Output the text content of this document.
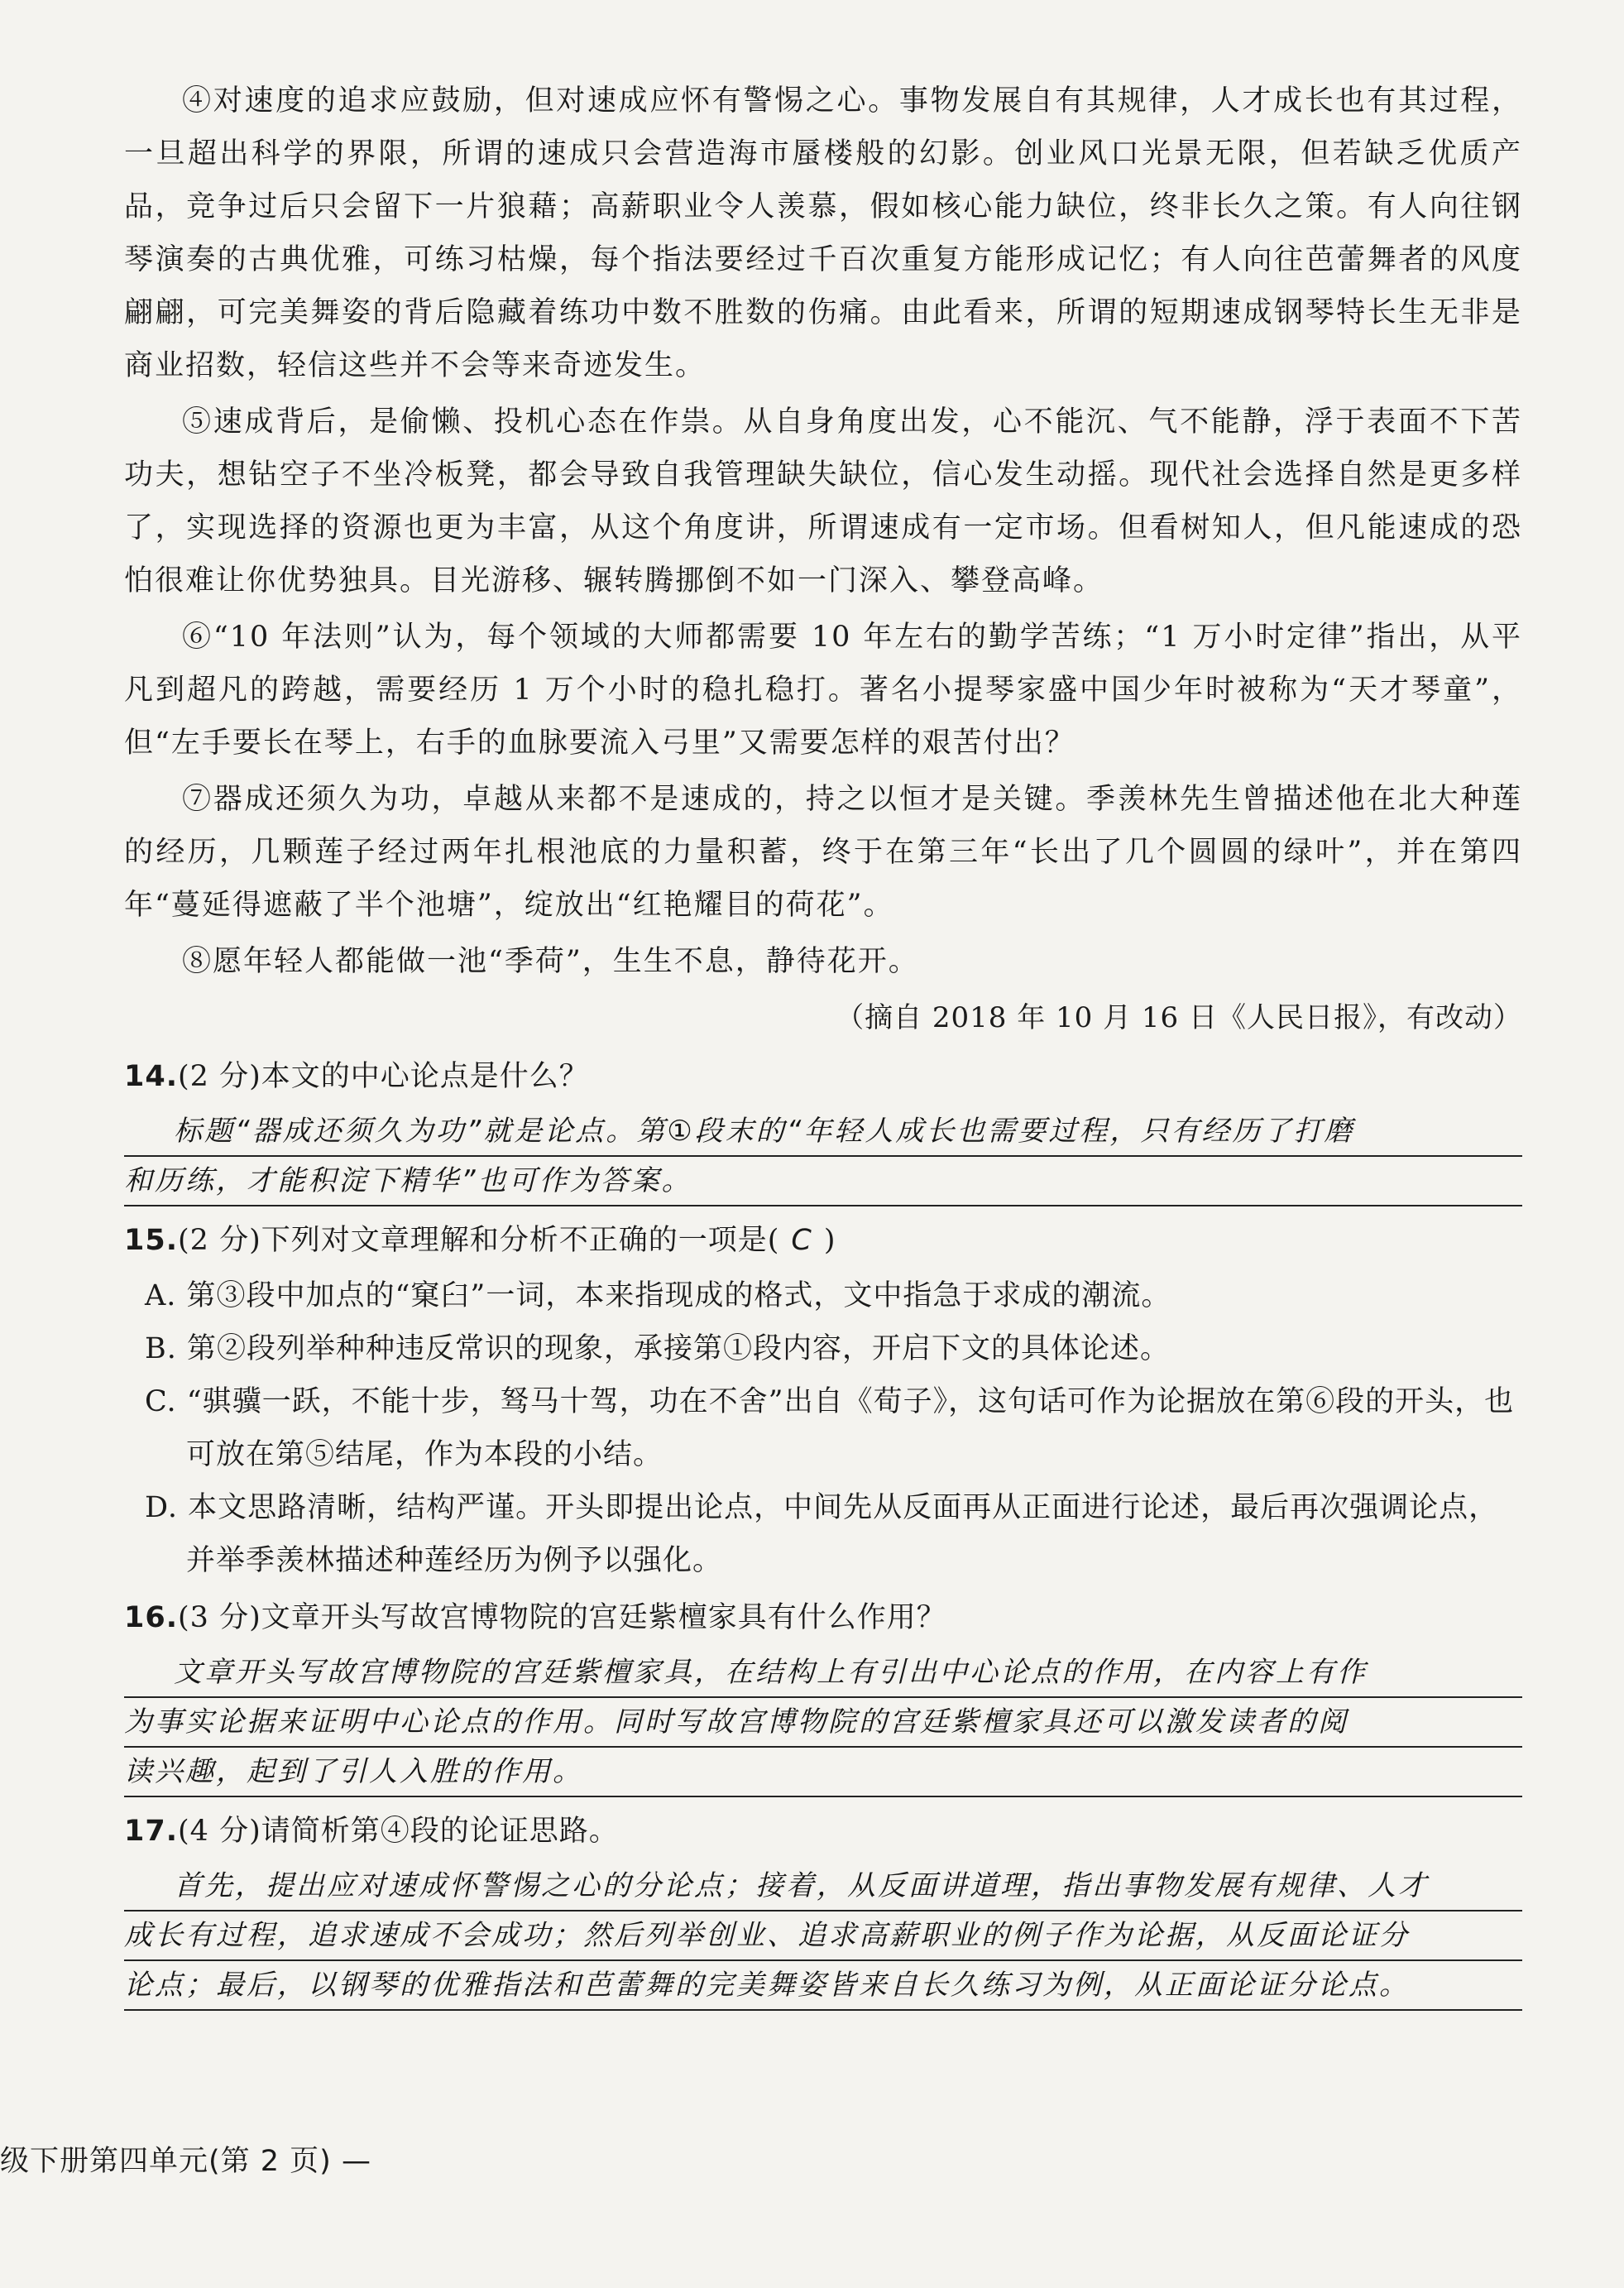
④对速度的追求应鼓励，但对速成应怀有警惕之心。事物发展自有其规律，人才成长也有其过程，一旦超出科学的界限，所谓的速成只会营造海市蜃楼般的幻影。创业风口光景无限，但若缺乏优质产品，竞争过后只会留下一片狼藉；高薪职业令人羡慕，假如核心能力缺位，终非长久之策。有人向往钢琴演奏的古典优雅，可练习枯燥，每个指法要经过千百次重复方能形成记忆；有人向往芭蕾舞者的风度翩翩，可完美舞姿的背后隐藏着练功中数不胜数的伤痛。由此看来，所谓的短期速成钢琴特长生无非是商业招数，轻信这些并不会等来奇迹发生。

⑤速成背后，是偷懒、投机心态在作祟。从自身角度出发，心不能沉、气不能静，浮于表面不下苦功夫，想钻空子不坐冷板凳，都会导致自我管理缺失缺位，信心发生动摇。现代社会选择自然是更多样了，实现选择的资源也更为丰富，从这个角度讲，所谓速成有一定市场。但看树知人，但凡能速成的恐怕很难让你优势独具。目光游移、辗转腾挪倒不如一门深入、攀登高峰。

⑥“10 年法则”认为，每个领域的大师都需要 10 年左右的勤学苦练；“1 万小时定律”指出，从平凡到超凡的跨越，需要经历 1 万个小时的稳扎稳打。著名小提琴家盛中国少年时被称为“天才琴童”，但“左手要长在琴上，右手的血脉要流入弓里”又需要怎样的艰苦付出？

⑦器成还须久为功，卓越从来都不是速成的，持之以恒才是关键。季羡林先生曾描述他在北大种莲的经历，几颗莲子经过两年扎根池底的力量积蓄，终于在第三年“长出了几个圆圆的绿叶”，并在第四年“蔓延得遮蔽了半个池塘”，绽放出“红艳耀目的荷花”。

⑧愿年轻人都能做一池“季荷”，生生不息，静待花开。

（摘自 2018 年 10 月 16 日《人民日报》，有改动）
14.(2 分)本文的中心论点是什么？
标题“器成还须久为功”就是论点。第①段末的“年轻人成长也需要过程，只有经历了打磨
和历练，才能积淀下精华”也可作为答案。
15.(2 分)下列对文章理解和分析不正确的一项是( C )
A. 第③段中加点的“窠臼”一词，本来指现成的格式，文中指急于求成的潮流。
B. 第②段列举种种违反常识的现象，承接第①段内容，开启下文的具体论述。
C. “骐骥一跃，不能十步，驽马十驾，功在不舍”出自《荀子》，这句话可作为论据放在第⑥段的开头，也可放在第⑤结尾，作为本段的小结。
D. 本文思路清晰，结构严谨。开头即提出论点，中间先从反面再从正面进行论述，最后再次强调论点，并举季羡林描述种莲经历为例予以强化。
16.(3 分)文章开头写故宫博物院的宫廷紫檀家具有什么作用？
文章开头写故宫博物院的宫廷紫檀家具，在结构上有引出中心论点的作用，在内容上有作
为事实论据来证明中心论点的作用。同时写故宫博物院的宫廷紫檀家具还可以激发读者的阅
读兴趣，起到了引人入胜的作用。
17.(4 分)请简析第④段的论证思路。
首先，提出应对速成怀警惕之心的分论点；接着，从反面讲道理，指出事物发展有规律、人才
成长有过程，追求速成不会成功；然后列举创业、追求高薪职业的例子作为论据，从反面论证分
论点；最后，以钢琴的优雅指法和芭蕾舞的完美舞姿皆来自长久练习为例，从正面论证分论点。
级下册第四单元(第 2 页) —
